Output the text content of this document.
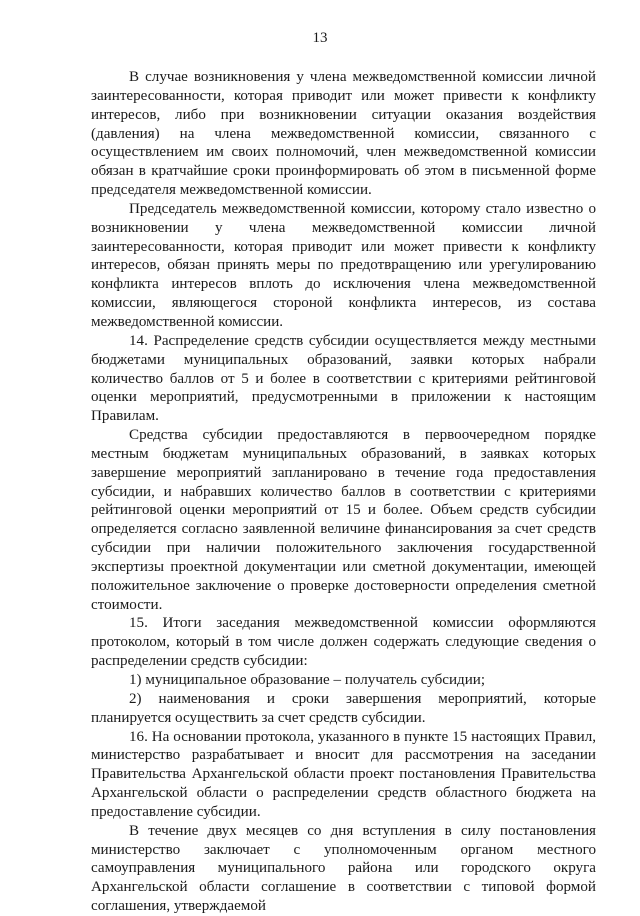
13

В случае возникновения у члена межведомственной комиссии личной заинтересованности, которая приводит или может привести к конфликту интересов, либо при возникновении ситуации оказания воздействия (давления) на члена межведомственной комиссии, связанного с осуществлением им своих полномочий, член межведомственной комиссии обязан в кратчайшие сроки проинформировать об этом в письменной форме председателя межведомственной комиссии.

Председатель межведомственной комиссии, которому стало известно о возникновении у члена межведомственной комиссии личной заинтересованности, которая приводит или может привести к конфликту интересов, обязан принять меры по предотвращению или урегулированию конфликта интересов вплоть до исключения члена межведомственной комиссии, являющегося стороной конфликта интересов, из состава межведомственной комиссии.

14. Распределение средств субсидии осуществляется между местными бюджетами муниципальных образований, заявки которых набрали количество баллов от 5 и более в соответствии с критериями рейтинговой оценки мероприятий, предусмотренными в приложении к настоящим Правилам.

Средства субсидии предоставляются в первоочередном порядке местным бюджетам муниципальных образований, в заявках которых завершение мероприятий запланировано в течение года предоставления субсидии, и набравших количество баллов в соответствии с критериями рейтинговой оценки мероприятий от 15 и более. Объем средств субсидии определяется согласно заявленной величине финансирования за счет средств субсидии при наличии положительного заключения государственной экспертизы проектной документации или сметной документации, имеющей положительное заключение о проверке достоверности определения сметной стоимости.

15. Итоги заседания межведомственной комиссии оформляются протоколом, который в том числе должен содержать следующие сведения о распределении средств субсидии:

1) муниципальное образование – получатель субсидии;

2) наименования и сроки завершения мероприятий, которые планируется осуществить за счет средств субсидии.

16. На основании протокола, указанного в пункте 15 настоящих Правил, министерство разрабатывает и вносит для рассмотрения на заседании Правительства Архангельской области проект постановления Правительства Архангельской области о распределении средств областного бюджета на предоставление субсидии.

В течение двух месяцев со дня вступления в силу постановления министерство заключает с уполномоченным органом местного самоуправления муниципального района или городского округа Архангельской области соглашение в соответствии с типовой формой соглашения, утверждаемой
